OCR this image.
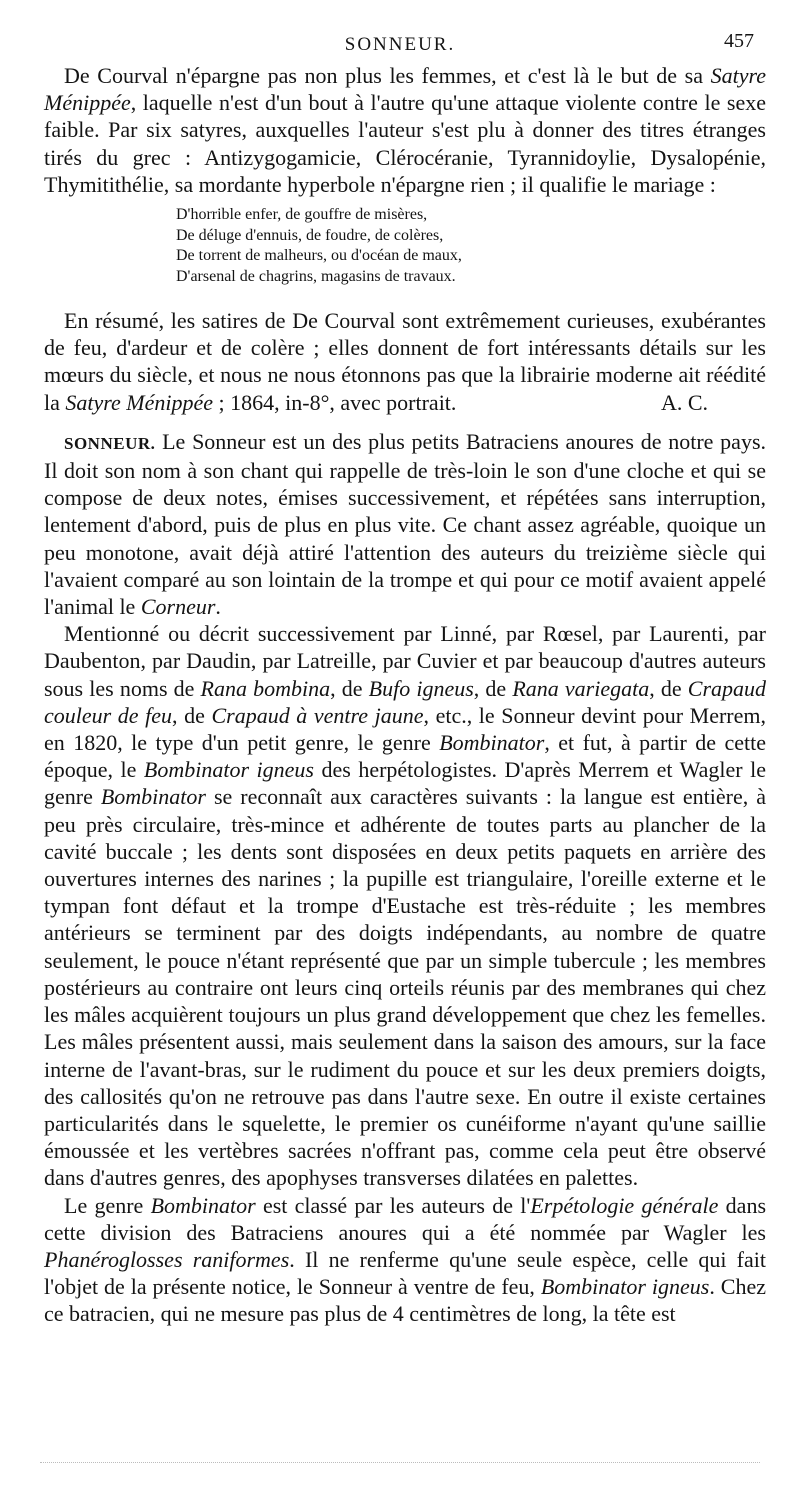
SONNEUR.	457

De Courval n'épargne pas non plus les femmes, et c'est là le but de sa Satyre Ménippée, laquelle n'est d'un bout à l'autre qu'une attaque violente contre le sexe faible. Par six satyres, auxquelles l'auteur s'est plu à donner des titres étranges tirés du grec : Antizygogamicie, Clérocéranie, Tyrannidoylie, Dysalopénie, Thymitithélie, sa mordante hyperbole n'épargne rien ; il qualifie le mariage :

D'horrible enfer, de gouffre de misères,
De déluge d'ennuis, de foudre, de colères,
De torrent de malheurs, ou d'océan de maux,
D'arsenal de chagrins, magasins de travaux.

En résumé, les satires de De Courval sont extrêmement curieuses, exubérantes de feu, d'ardeur et de colère ; elles donnent de fort intéressants détails sur les mœurs du siècle, et nous ne nous étonnons pas que la librairie moderne ait réédité la Satyre Ménippée ; 1864, in-8°, avec portrait.	A. C.

SONNEUR. Le Sonneur est un des plus petits Batraciens anoures de notre pays. Il doit son nom à son chant qui rappelle de très-loin le son d'une cloche et qui se compose de deux notes, émises successivement, et répétées sans interruption, lentement d'abord, puis de plus en plus vite. Ce chant assez agréable, quoique un peu monotone, avait déjà attiré l'attention des auteurs du treizième siècle qui l'avaient comparé au son lointain de la trompe et qui pour ce motif avaient appelé l'animal le Corneur.

Mentionné ou décrit successivement par Linné, par Rœsel, par Laurenti, par Daubenton, par Daudin, par Latreille, par Cuvier et par beaucoup d'autres auteurs sous les noms de Rana bombina, de Bufo igneus, de Rana variegata, de Crapaud couleur de feu, de Crapaud à ventre jaune, etc., le Sonneur devint pour Merrem, en 1820, le type d'un petit genre, le genre Bombinator, et fut, à partir de cette époque, le Bombinator igneus des herpétologistes. D'après Merrem et Wagler le genre Bombinator se reconnaît aux caractères suivants : la langue est entière, à peu près circulaire, très-mince et adhérente de toutes parts au plancher de la cavité buccale ; les dents sont disposées en deux petits paquets en arrière des ouvertures internes des narines ; la pupille est triangulaire, l'oreille externe et le tympan font défaut et la trompe d'Eustache est très-réduite ; les membres antérieurs se terminent par des doigts indépendants, au nombre de quatre seulement, le pouce n'étant représenté que par un simple tubercule ; les membres postérieurs au contraire ont leurs cinq orteils réunis par des membranes qui chez les mâles acquièrent toujours un plus grand développement que chez les femelles. Les mâles présentent aussi, mais seulement dans la saison des amours, sur la face interne de l'avant-bras, sur le rudiment du pouce et sur les deux premiers doigts, des callosités qu'on ne retrouve pas dans l'autre sexe. En outre il existe certaines particularités dans le squelette, le premier os cunéiforme n'ayant qu'une saillie émoussée et les vertèbres sacrées n'offrant pas, comme cela peut être observé dans d'autres genres, des apophyses transverses dilatées en palettes.

Le genre Bombinator est classé par les auteurs de l'Erpétologie générale dans cette division des Batraciens anoures qui a été nommée par Wagler les Phanéroglosses raniformes. Il ne renferme qu'une seule espèce, celle qui fait l'objet de la présente notice, le Sonneur à ventre de feu, Bombinator igneus. Chez ce batracien, qui ne mesure pas plus de 4 centimètres de long, la tête est
